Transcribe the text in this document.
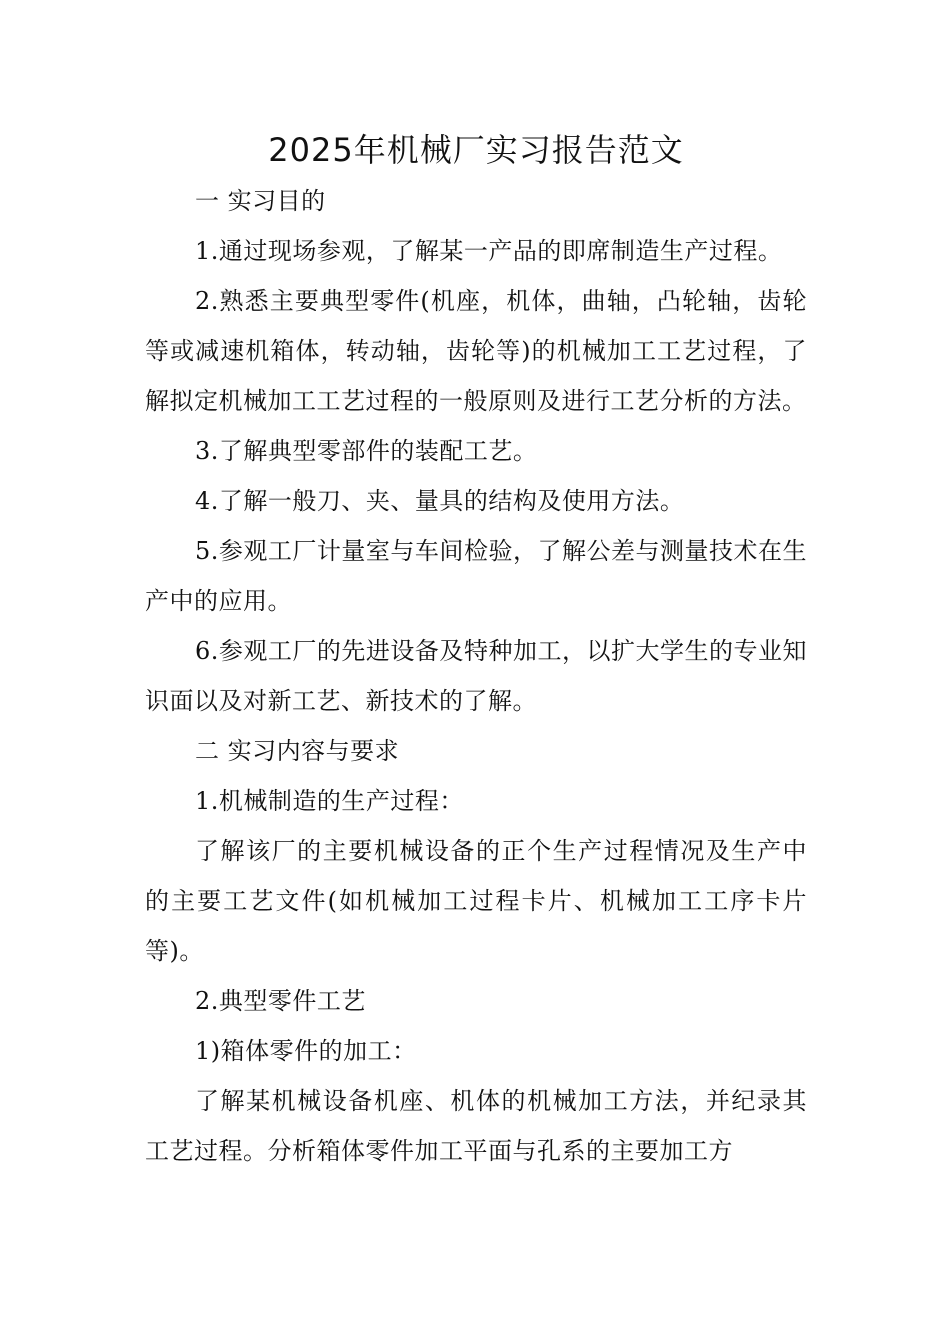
2025年机械厂实习报告范文

一 实习目的

1.通过现场参观，了解某一产品的即席制造生产过程。

2.熟悉主要典型零件(机座，机体，曲轴，凸轮轴，齿轮等或减速机箱体，转动轴，齿轮等)的机械加工工艺过程，了解拟定机械加工工艺过程的一般原则及进行工艺分析的方法。

3.了解典型零部件的装配工艺。

4.了解一般刀、夹、量具的结构及使用方法。

5.参观工厂计量室与车间检验，了解公差与测量技术在生产中的应用。

6.参观工厂的先进设备及特种加工，以扩大学生的专业知识面以及对新工艺、新技术的了解。

二 实习内容与要求

1.机械制造的生产过程：

了解该厂的主要机械设备的正个生产过程情况及生产中的主要工艺文件(如机械加工过程卡片、机械加工工序卡片等)。

2.典型零件工艺

1)箱体零件的加工：

了解某机械设备机座、机体的机械加工方法，并纪录其工艺过程。分析箱体零件加工平面与孔系的主要加工方
